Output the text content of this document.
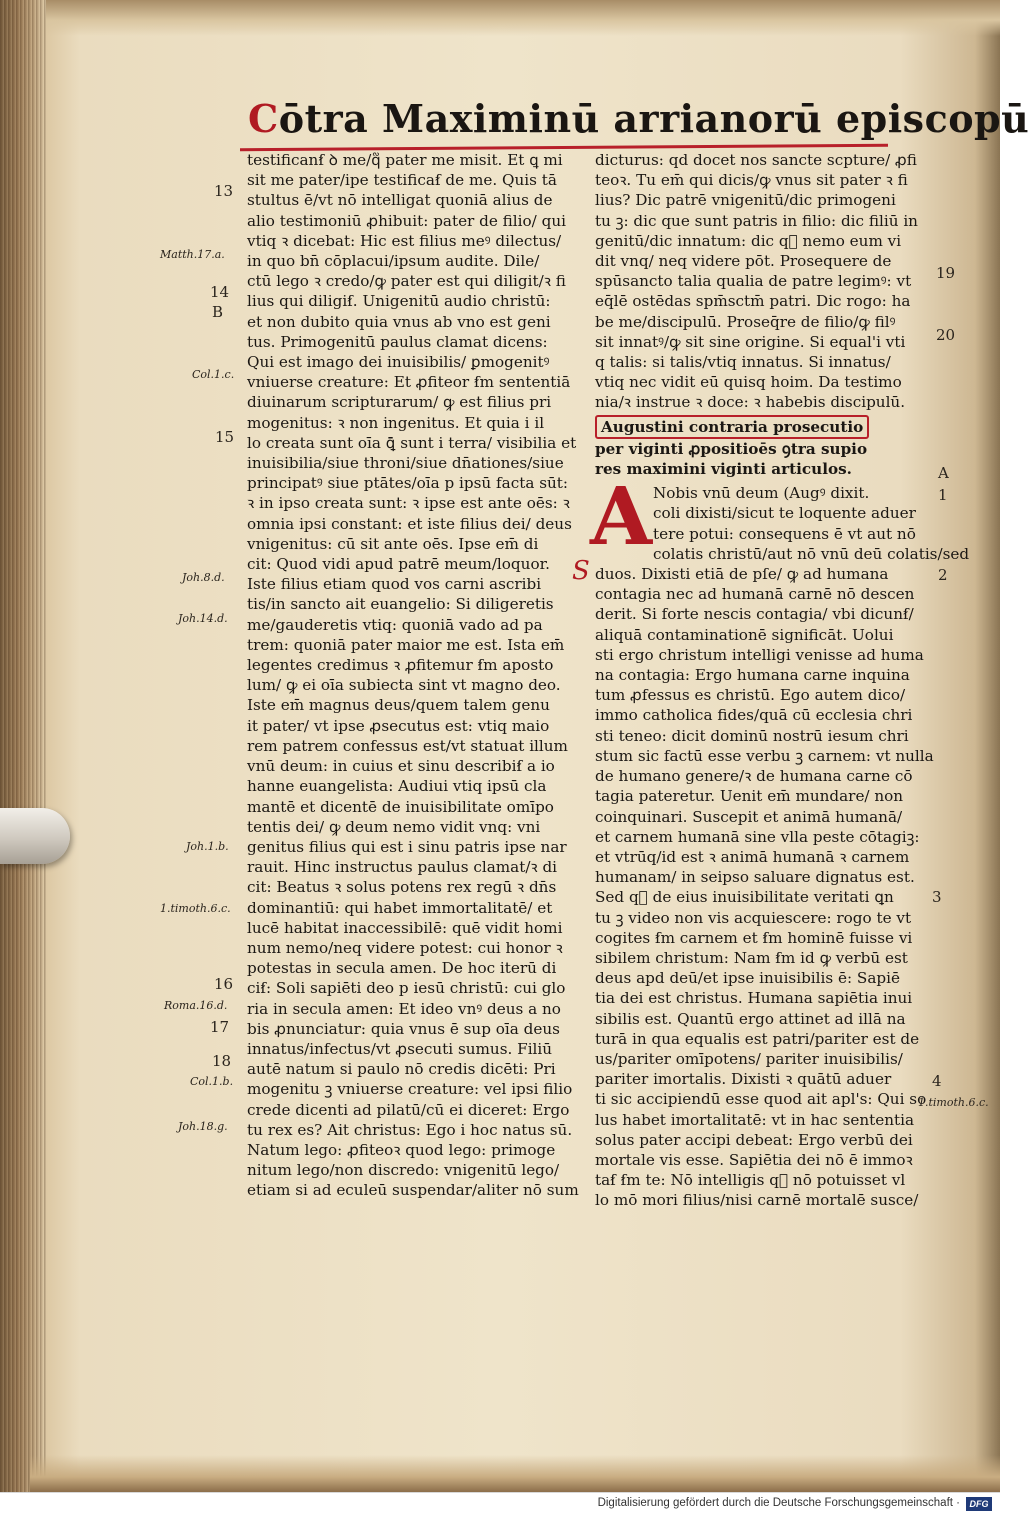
Cōtra Maximinū arrianorū episcopū
testificanẜ ꝺ me/q᷑ pater me misit. Et ꝗ mi
sit me pater/ipe testificaẜ de me. Quis tā
stultus ē/vt nō intelligat quoniā alius de
alio testimoniū ꝓhibuit: pater de filio/ qui
vtiq ꝛ dicebat: Hic est filius meꝰ dilectus/
in quo bn̄ cōplacui/ipsum audite. Dile/
ctū lego ꝛ credo/ꝙ pater est qui diligit/ꝛ fi
lius qui diligiẜ. Unigenitū audio christū:
et non dubito quia vnus ab vno est geni
tus. Primogenitū paulus clamat dicens:
Qui est imago dei inuisibilis/ ꝑmogenitꝰ
vniuerse creature: Et ꝓfiteor ẜm sententiā
diuinarum scripturarum/ ꝙ est filius pri
mogenitus: ꝛ non ingenitus. Et quia i il
lo creata sunt oīa ꝗ̄ sunt i terra/ visibilia et
inuisibilia/siue throni/siue dn̄ationes/siue
principatꝰ siue ptātes/oīa p ipsū facta sūt:
ꝛ in ipso creata sunt: ꝛ ipse est ante oēs: ꝛ
omnia ipsi constant: et iste filius dei/ deus
vnigenitus: cū sit ante oēs. Ipse em̄ di
cit: Quod vidi apud patrē meum/loquor.
Iste filius etiam quod vos carni ascribi
tis/in sancto ait euangelio: Si diligeretis
me/gauderetis vtiq: quoniā vado ad pa
trem: quoniā pater maior me est. Ista em̄
legentes credimus ꝛ ꝓfitemur ẜm aposto
lum/ ꝙ ei oīa subiecta sint vt magno deo.
Iste em̄ magnus deus/quem talem genu
it pater/ vt ipse ꝓsecutus est: vtiq maio
rem patrem confessus est/vt statuat illum
vnū deum: in cuius et sinu describiẜ a io
hanne euangelista: Audiui vtiq ipsū cla
mantē et dicentē de inuisibilitate omīpo
tentis dei/ ꝙ deum nemo vidit vnq: vni
genitus filius qui est i sinu patris ipse nar
rauit. Hinc instructus paulus clamat/ꝛ di
cit: Beatus ꝛ solus potens rex regū ꝛ dn̄s
dominantiū: qui habet immortalitatē/ et
lucē habitat inaccessibilē: quē vidit homi
num nemo/neq videre potest: cui honor ꝛ
potestas in secula amen. De hoc iterū di
ciẜ: Soli sapiēti deo p iesū christū: cui glo
ria in secula amen: Et ideo vnꝰ deus a no
bis ꝓnunciatur: quia vnus ē sup oīa deus
innatus/infectus/vt ꝓsecuti sumus. Filiū
autē natum si paulo nō credis dicēti: Pri
mogenitu ꝫ vniuerse creature: vel ipsi filio
crede dicenti ad pilatū/cū ei diceret: Ergo
tu rex es? Ait christus: Ego i hoc natus sū.
Natum lego: ꝓfiteoꝛ quod lego: primoge
nitum lego/non discredo: vnigenitū lego/
etiam si ad eculeū suspendar/aliter nō sum
dicturus: qd docet nos sancte scpture/ ꝓfi
teoꝛ. Tu em̄ qui dicis/ꝙ vnus sit pater ꝛ fi
lius? Dic patrē vnigenitū/dic primogeni
tu ꝫ: dic que sunt patris in filio: dic filiū in
genitū/dic innatum: dic q᷑ nemo eum vi
dit vnq/ neq videre pōt. Prosequere de
spūsancto talia qualia de patre legimꝰ: vt
eq̄lē ostēdas spm̄sctm̄ patri. Dic rogo: ha
be me/discipulū. Proseq̄re de filio/ꝙ filꝰ
sit innatꝰ/ꝙ sit sine origine. Si equal'i vti
q talis: si talis/vtiq innatus. Si innatus/
vtiq nec vidit eū quisq hoim. Da testimo
nia/ꝛ instrue ꝛ doce: ꝛ habebis discipulū.
Augustini contraria prosecutio
per viginti ꝓpositioēs ꝯtra supio
res maximini viginti articulos.
Nobis vnū deum (Augꝰ dixit.
coli dixisti/sicut te loquente aduer
tere potui: consequens ē vt aut nō
colatis christū/aut nō vnū deū colatis/sed
duos. Dixisti etiā de pſe/ ꝙ ad humana
contagia nec ad humanā carnē nō descen
derit. Si forte nescis contagia/ vbi dicunẜ/
aliquā contaminationē significāt. Uolui
sti ergo christum intelligi venisse ad huma
na contagia: Ergo humana carne inquina
tum ꝓfessus es christū. Ego autem dico/
immo catholica fides/quā cū ecclesia chri
sti teneo: dicit dominū nostrū iesum chri
stum sic factū esse verbu ꝫ carnem: vt nulla
de humano genere/ꝛ de humana carne cō
tagia pateretur. Uenit em̄ mundare/ non
coinquinari. Suscepit et animā humanā/
et carnem humanā sine vlla peste cōtagiꝫ:
et vtrūq/id est ꝛ animā humanā ꝛ carnem
humanam/ in seipso saluare dignatus est.
Sed q᷑ de eius inuisibilitate veritati ꝗn
tu ꝫ video non vis acquiescere: rogo te vt
cogites ẜm carnem et ẜm hominē fuisse vi
sibilem christum: Nam ẜm id ꝙ verbū est
deus apd deū/et ipse inuisibilis ē: Sapiē
tia dei est christus. Humana sapiētia inui
sibilis est. Quantū ergo attinet ad illā na
turā in qua equalis est patri/pariter est de
us/pariter omīpotens/ pariter inuisibilis/
pariter imortalis. Dixisti ꝛ quātū aduer
ti sic accipiendū esse quod ait apl's: Qui so
lus habet imortalitatē: vt in hac sententia
solus pater accipi debeat: Ergo verbū dei
mortale vis esse. Sapiētia dei nō ē immoꝛ
taẜ ẜm te: Nō intelligis q᷑ nō potuisset vl
lo mō mori filius/nisi carnē mortalē susce/
A
S
13
Matth.17.a.
14
B
Col.1.c.
15
Joh.8.d.
Joh.14.d.
Joh.1.b.
1.timoth.6.c.
16
Roma.16.d.
17
18
Col.1.b.
Joh.18.g.
19
20
A
1
2
3
4
1.timoth.6.c.
Digitalisierung gefördert durch die Deutsche Forschungsgemeinschaft ·	DFG
